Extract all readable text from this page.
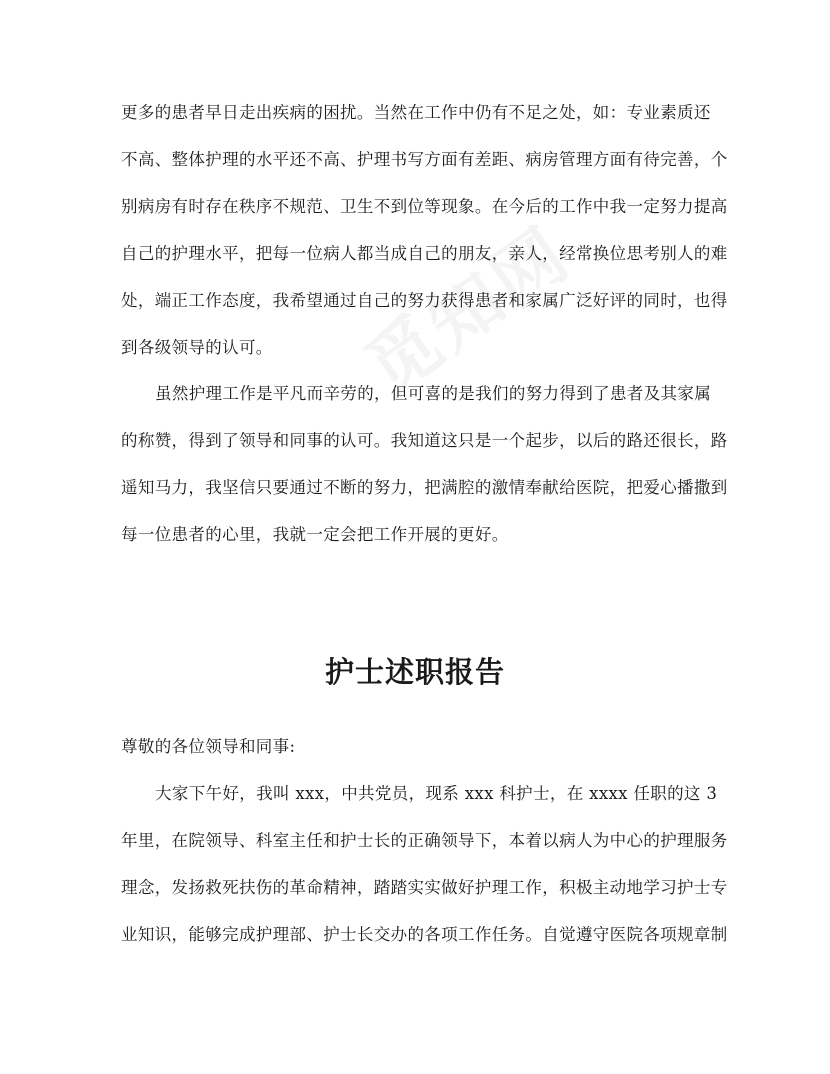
更多的患者早日走出疾病的困扰。当然在工作中仍有不足之处，如：专业素质还
不高、整体护理的水平还不高、护理书写方面有差距、病房管理方面有待完善，个
别病房有时存在秩序不规范、卫生不到位等现象。在今后的工作中我一定努力提高
自己的护理水平，把每一位病人都当成自己的朋友，亲人，经常换位思考别人的难
处，端正工作态度，我希望通过自己的努力获得患者和家属广泛好评的同时，也得
到各级领导的认可。
虽然护理工作是平凡而辛劳的，但可喜的是我们的努力得到了患者及其家属
的称赞，得到了领导和同事的认可。我知道这只是一个起步，以后的路还很长，路
遥知马力，我坚信只要通过不断的努力，把满腔的激情奉献给医院，把爱心播撒到
每一位患者的心里，我就一定会把工作开展的更好。
护士述职报告
尊敬的各位领导和同事:
大家下午好，我叫 xxx，中共党员，现系 xxx 科护士，在 xxxx 任职的这 3
年里，在院领导、科室主任和护士长的正确领导下，本着以病人为中心的护理服务
理念，发扬救死扶伤的革命精神，踏踏实实做好护理工作，积极主动地学习护士专
业知识，能够完成护理部、护士长交办的各项工作任务。自觉遵守医院各项规章制
